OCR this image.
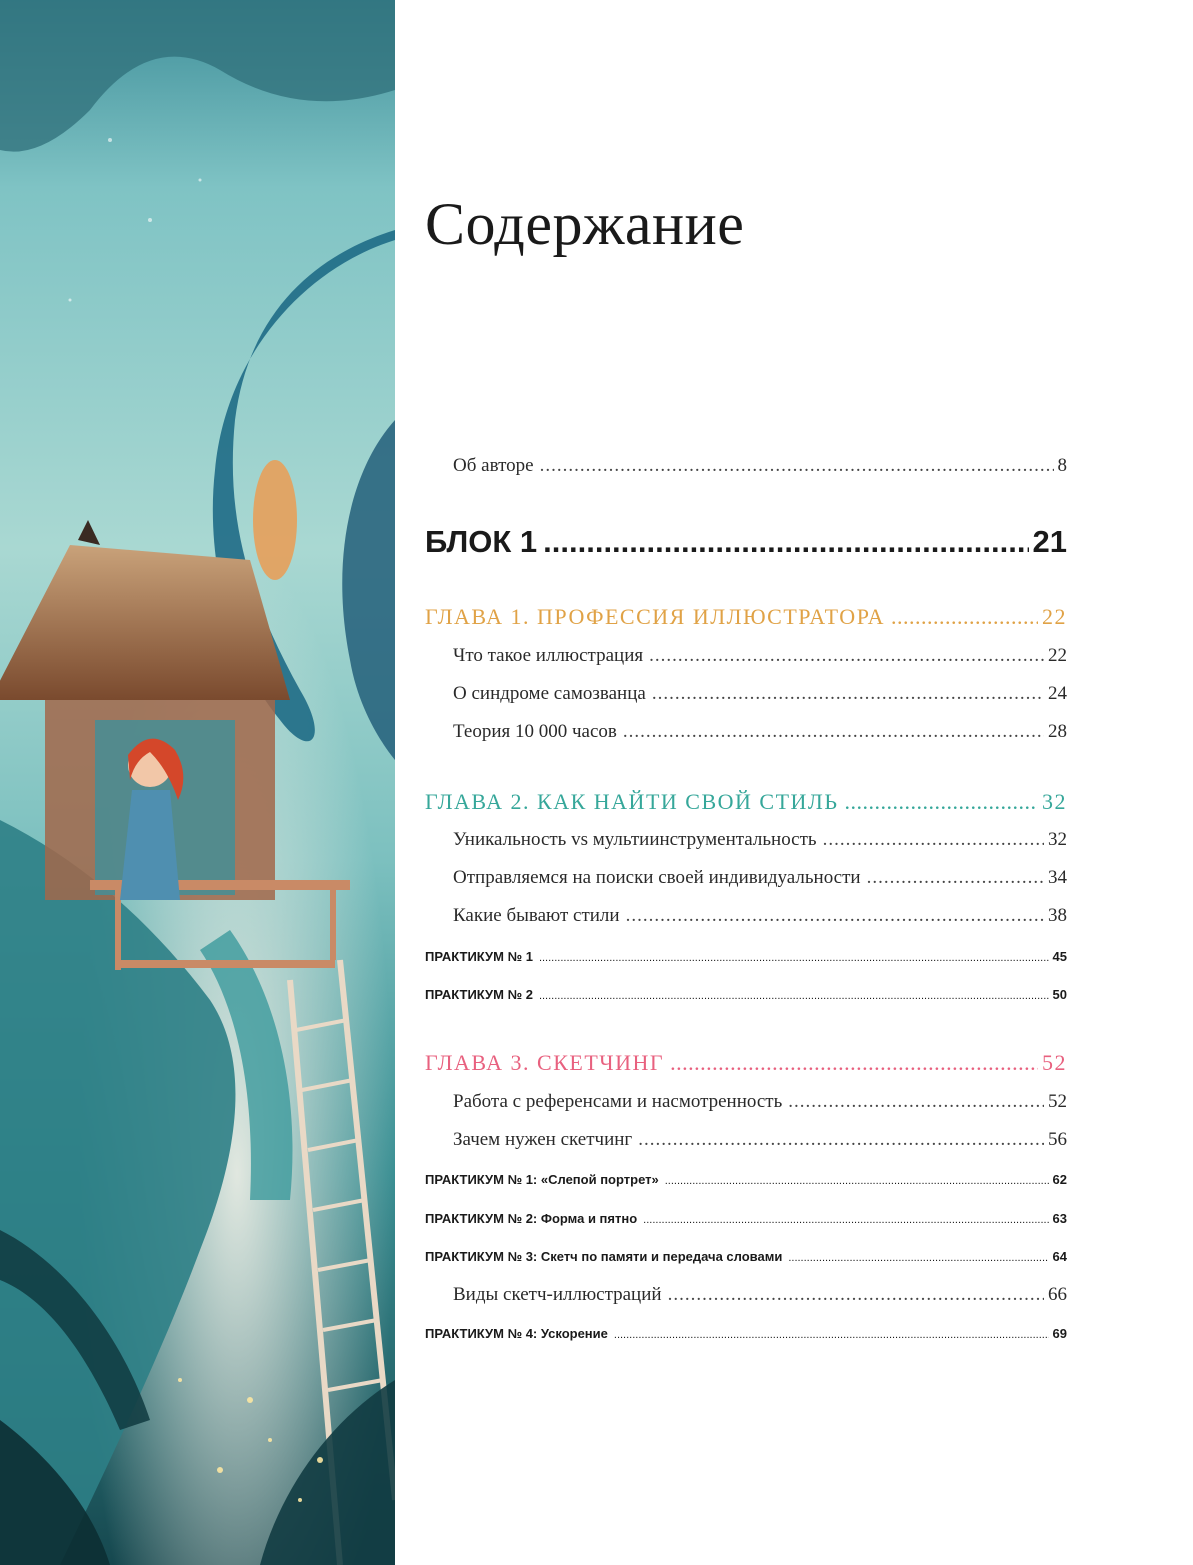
Содержание
Об авторе .....	8
БЛОК 1 .....	21
ГЛАВА 1. ПРОФЕССИЯ ИЛЛЮСТРАТОРА .....	22
Что такое иллюстрация .....	22
О синдроме самозванца .....	24
Теория 10 000 часов .....	28
ГЛАВА 2. КАК НАЙТИ СВОЙ СТИЛЬ .....	32
Уникальность vs мультиинструментальность .....	32
Отправляемся на поиски своей индивидуальности .....	34
Какие бывают стили .....	38
ПРАКТИКУМ № 1 .....	45
ПРАКТИКУМ № 2 .....	50
ГЛАВА 3. СКЕТЧИНГ .....	52
Работа с референсами и насмотренность .....	52
Зачем нужен скетчинг .....	56
ПРАКТИКУМ № 1: «Слепой портрет» .....	62
ПРАКТИКУМ № 2: Форма и пятно .....	63
ПРАКТИКУМ № 3: Скетч по памяти и передача словами .....	64
Виды скетч-иллюстраций .....	66
ПРАКТИКУМ № 4: Ускорение .....	69
